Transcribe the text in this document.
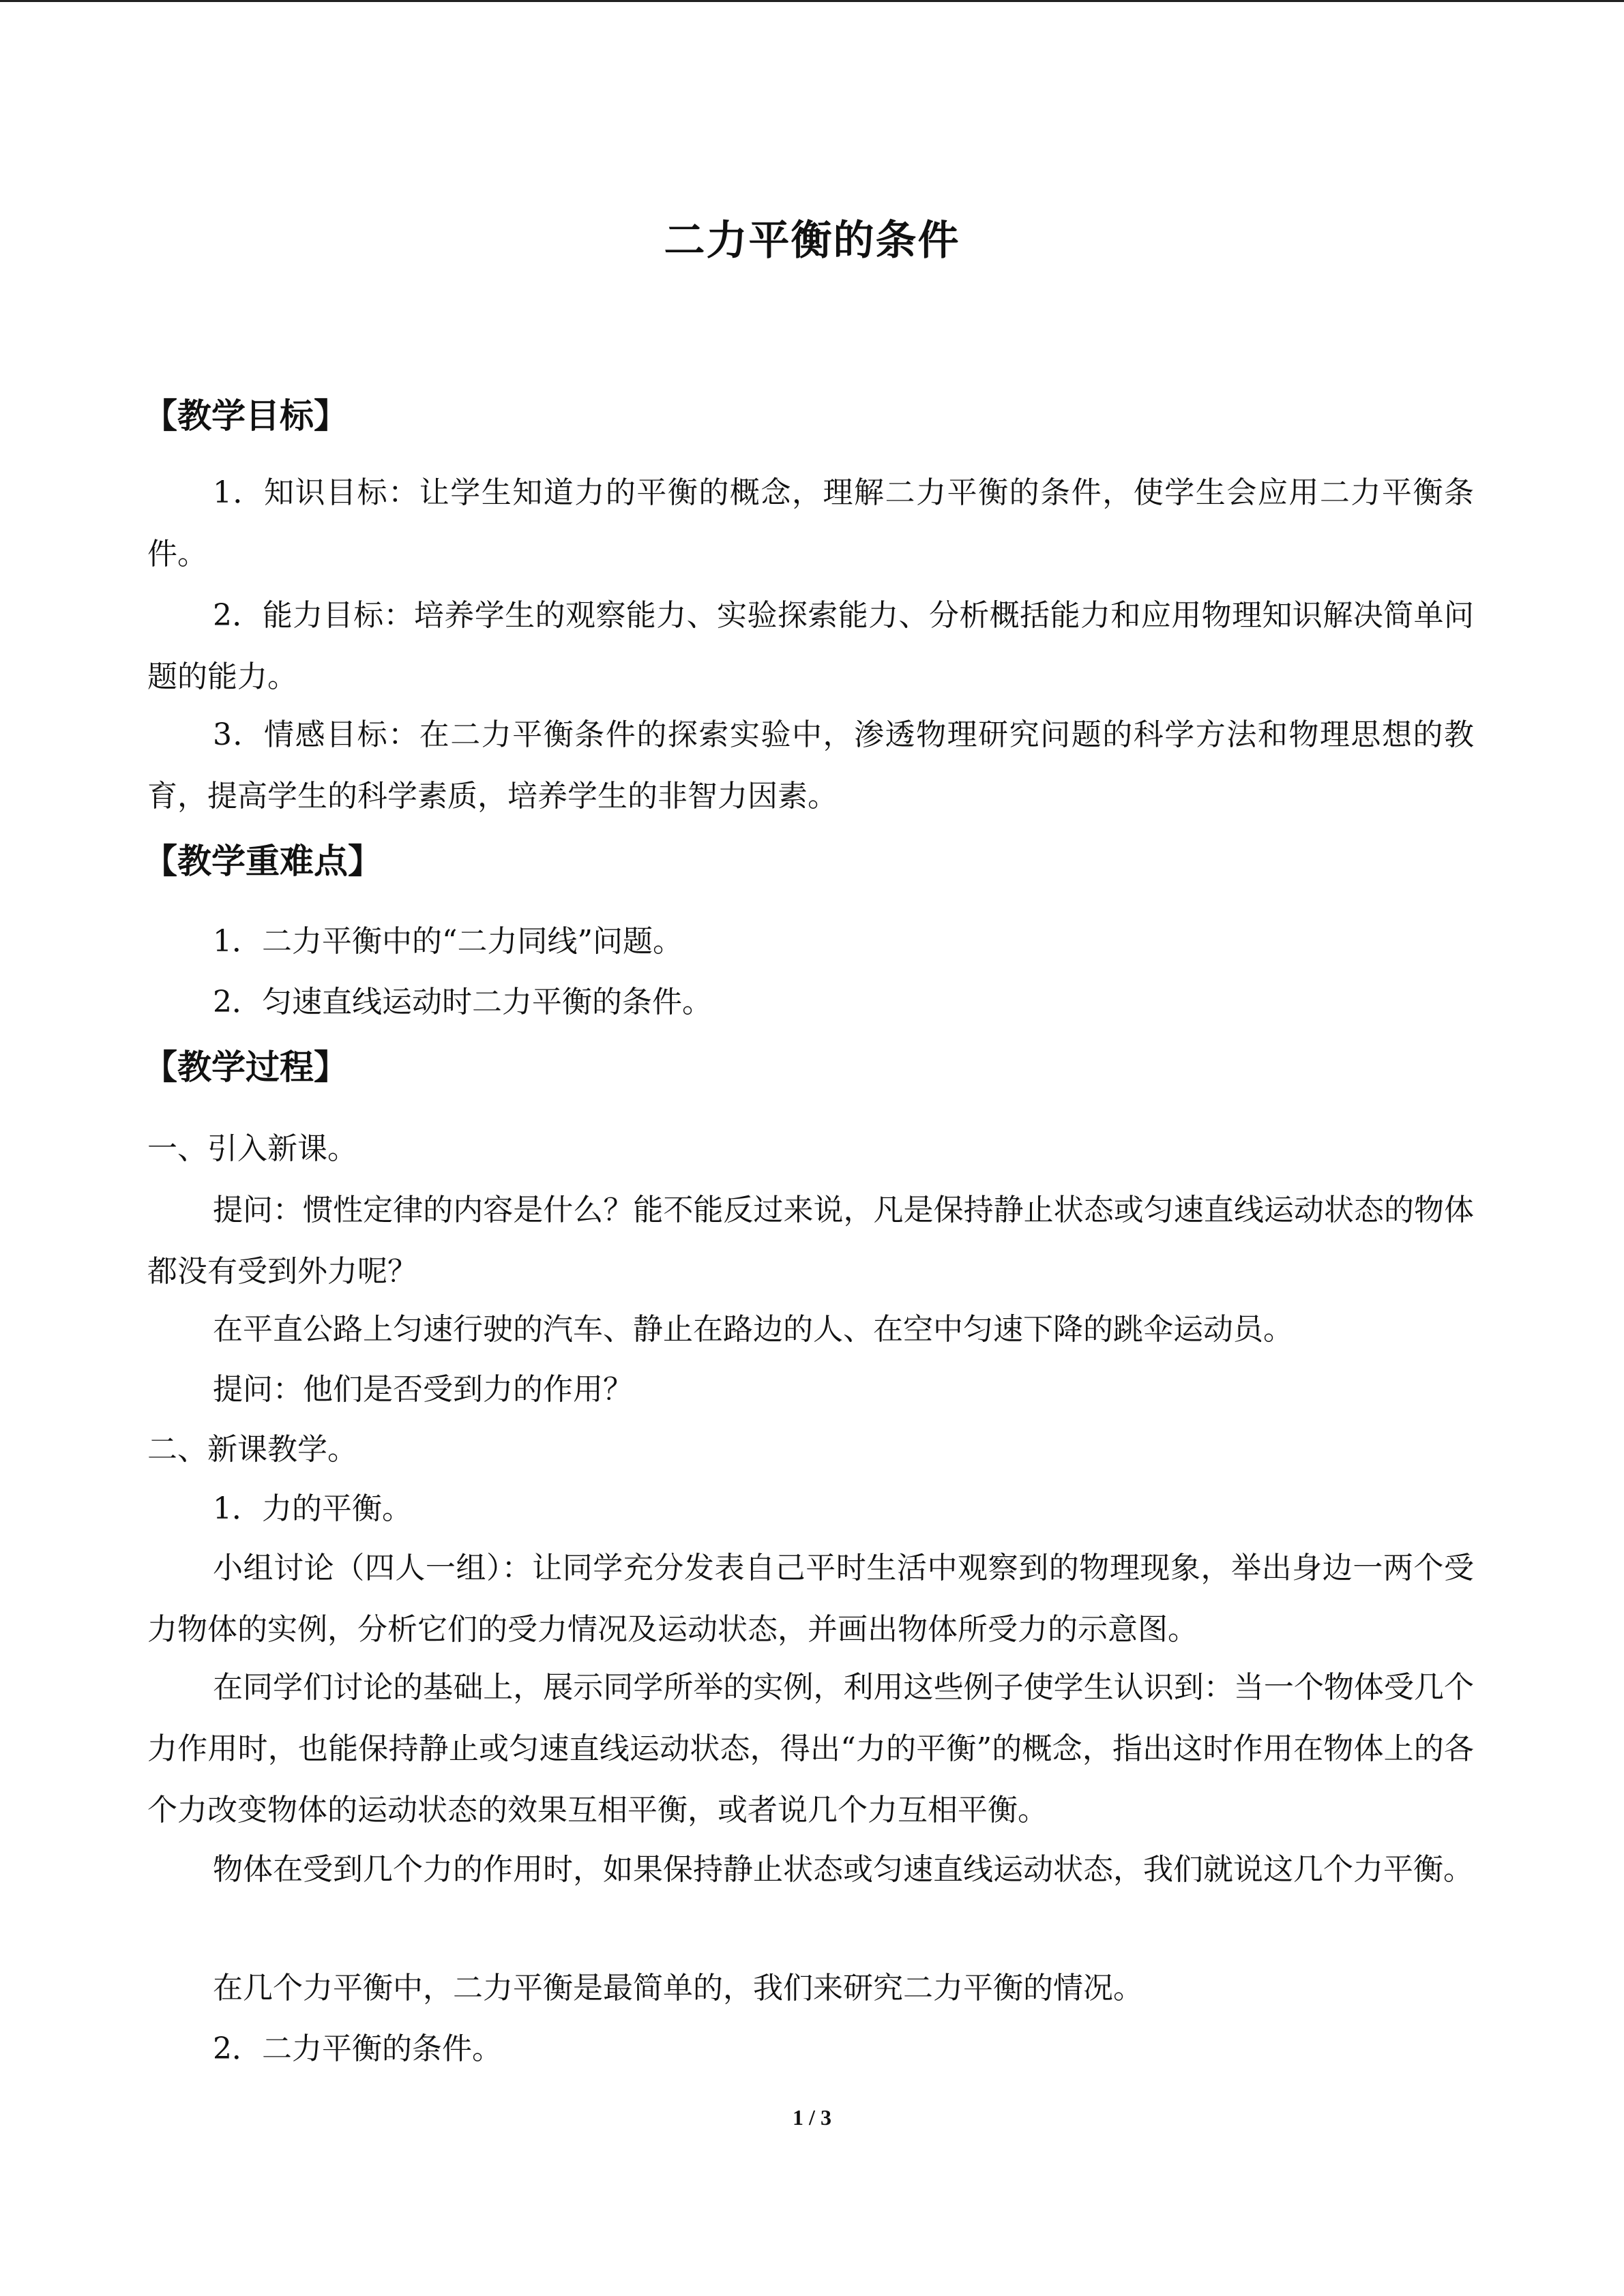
二力平衡的条件
【教学目标】

1．知识目标：让学生知道力的平衡的概念，理解二力平衡的条件，使学生会应用二力平衡条件。

2．能力目标：培养学生的观察能力、实验探索能力、分析概括能力和应用物理知识解决简单问题的能力。

3．情感目标：在二力平衡条件的探索实验中，渗透物理研究问题的科学方法和物理思想的教育，提高学生的科学素质，培养学生的非智力因素。

【教学重难点】

1．二力平衡中的“二力同线”问题。

2．匀速直线运动时二力平衡的条件。

【教学过程】

一、引入新课。

提问：惯性定律的内容是什么？能不能反过来说，凡是保持静止状态或匀速直线运动状态的物体都没有受到外力呢？

在平直公路上匀速行驶的汽车、静止在路边的人、在空中匀速下降的跳伞运动员。

提问：他们是否受到力的作用？

二、新课教学。

1．力的平衡。

小组讨论（四人一组）：让同学充分发表自己平时生活中观察到的物理现象，举出身边一两个受力物体的实例，分析它们的受力情况及运动状态，并画出物体所受力的示意图。

在同学们讨论的基础上，展示同学所举的实例，利用这些例子使学生认识到：当一个物体受几个力作用时，也能保持静止或匀速直线运动状态，得出“力的平衡”的概念，指出这时作用在物体上的各个力改变物体的运动状态的效果互相平衡，或者说几个力互相平衡。

物体在受到几个力的作用时，如果保持静止状态或匀速直线运动状态，我们就说这几个力平衡。

在几个力平衡中，二力平衡是最简单的，我们来研究二力平衡的情况。

2．二力平衡的条件。

1 / 3
